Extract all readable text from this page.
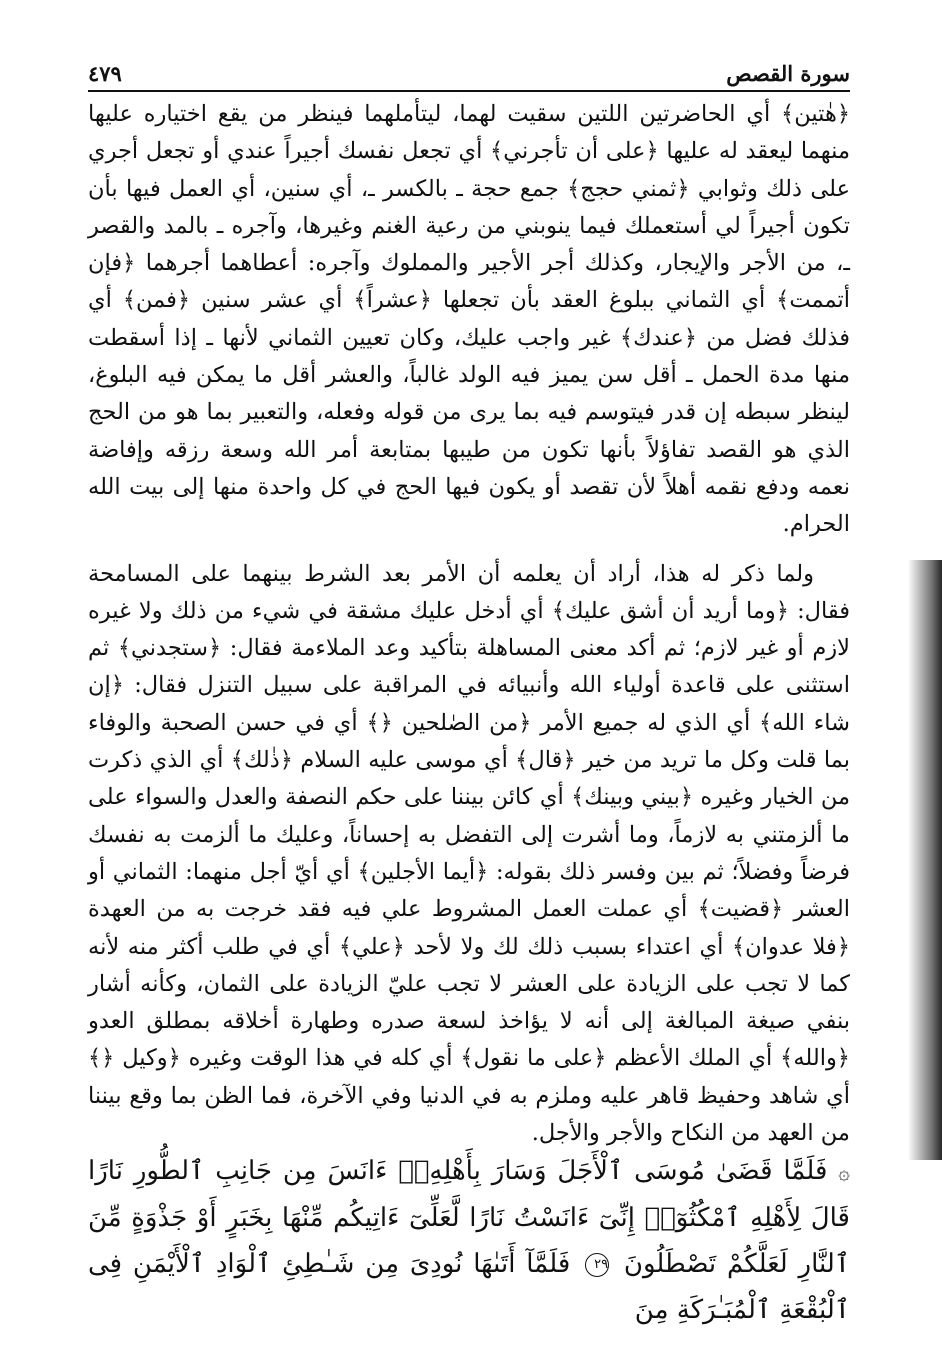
سورة القصص
٤٧٩

﴿هٰتين﴾ أي الحاضرتين اللتين سقيت لهما، ليتأملهما فينظر من يقع اختياره عليها منهما ليعقد له عليها ﴿على أن تأجرني﴾ أي تجعل نفسك أجيراً عندي أو تجعل أجري على ذلك وثوابي ﴿ثمني حجج﴾ جمع حجة ـ بالكسر ـ، أي سنين، أي العمل فيها بأن تكون أجيراً لي أستعملك فيما ينوبني من رعية الغنم وغيرها، وآجره ـ بالمد والقصر ـ، من الأجر والإيجار، وكذلك أجر الأجير والمملوك وآجره: أعطاهما أجرهما ﴿فإن أتممت﴾ أي الثماني ببلوغ العقد بأن تجعلها ﴿عشراً﴾ أي عشر سنين ﴿فمن﴾ أي فذلك فضل من ﴿عندك﴾ غير واجب عليك، وكان تعيين الثماني لأنها ـ إذا أسقطت منها مدة الحمل ـ أقل سن يميز فيه الولد غالباً، والعشر أقل ما يمكن فيه البلوغ، لينظر سبطه إن قدر فيتوسم فيه بما يرى من قوله وفعله، والتعبير بما هو من الحج الذي هو القصد تفاؤلاً بأنها تكون من طيبها بمتابعة أمر الله وسعة رزقه وإفاضة نعمه ودفع نقمه أهلاً لأن تقصد أو يكون فيها الحج في كل واحدة منها إلى بيت الله الحرام.

ولما ذكر له هذا، أراد أن يعلمه أن الأمر بعد الشرط بينهما على المسامحة فقال: ﴿وما أريد أن أشق عليك﴾ أي أدخل عليك مشقة في شيء من ذلك ولا غيره لازم أو غير لازم؛ ثم أكد معنى المساهلة بتأكيد وعد الملاءمة فقال: ﴿ستجدني﴾ ثم استثنى على قاعدة أولياء الله وأنبيائه في المراقبة على سبيل التنزل فقال: ﴿إن شاء الله﴾ أي الذي له جميع الأمر ﴿من الصٰلحين ﴿﴾ أي في حسن الصحبة والوفاء بما قلت وكل ما تريد من خير ﴿قال﴾ أي موسى عليه السلام ﴿ذٰلك﴾ أي الذي ذكرت من الخيار وغيره ﴿بيني وبينك﴾ أي كائن بيننا على حكم النصفة والعدل والسواء على ما ألزمتني به لازماً، وما أشرت إلى التفضل به إحساناً، وعليك ما ألزمت به نفسك فرضاً وفضلاً؛ ثم بين وفسر ذلك بقوله: ﴿أيما الأجلين﴾ أي أيّ أجل منهما: الثماني أو العشر ﴿قضيت﴾ أي عملت العمل المشروط علي فيه فقد خرجت به من العهدة ﴿فلا عدوان﴾ أي اعتداء بسبب ذلك لك ولا لأحد ﴿علي﴾ أي في طلب أكثر منه لأنه كما لا تجب على الزيادة على العشر لا تجب عليّ الزيادة على الثمان، وكأنه أشار بنفي صيغة المبالغة إلى أنه لا يؤاخذ لسعة صدره وطهارة أخلاقه بمطلق العدو ﴿والله﴾ أي الملك الأعظم ﴿على ما نقول﴾ أي كله في هذا الوقت وغيره ﴿وكيل ﴿﴾ أي شاهد وحفيظ قاهر عليه وملزم به في الدنيا وفي الآخرة، فما الظن بما وقع بيننا من العهد من النكاح والأجر والأجل.

۞ فَلَمَّا قَضَىٰ مُوسَى ٱلْأَجَلَ وَسَارَ بِأَهْلِهِۦٓ ءَانَسَ مِن جَانِبِ ٱلطُّورِ نَارًا قَالَ لِأَهْلِهِ ٱمْكُثُوٓا۟ إِنِّىٓ ءَانَسْتُ نَارًا لَّعَلِّىٓ ءَاتِيكُم مِّنْهَا بِخَبَرٍ أَوْ جَذْوَةٍ مِّنَ ٱلنَّارِ لَعَلَّكُمْ تَصْطَلُونَ ٢٩ فَلَمَّآ أَتَىٰهَا نُودِىَ مِن شَـٰطِئِ ٱلْوَادِ ٱلْأَيْمَنِ فِى ٱلْبُقْعَةِ ٱلْمُبَـٰرَكَةِ مِنَ
